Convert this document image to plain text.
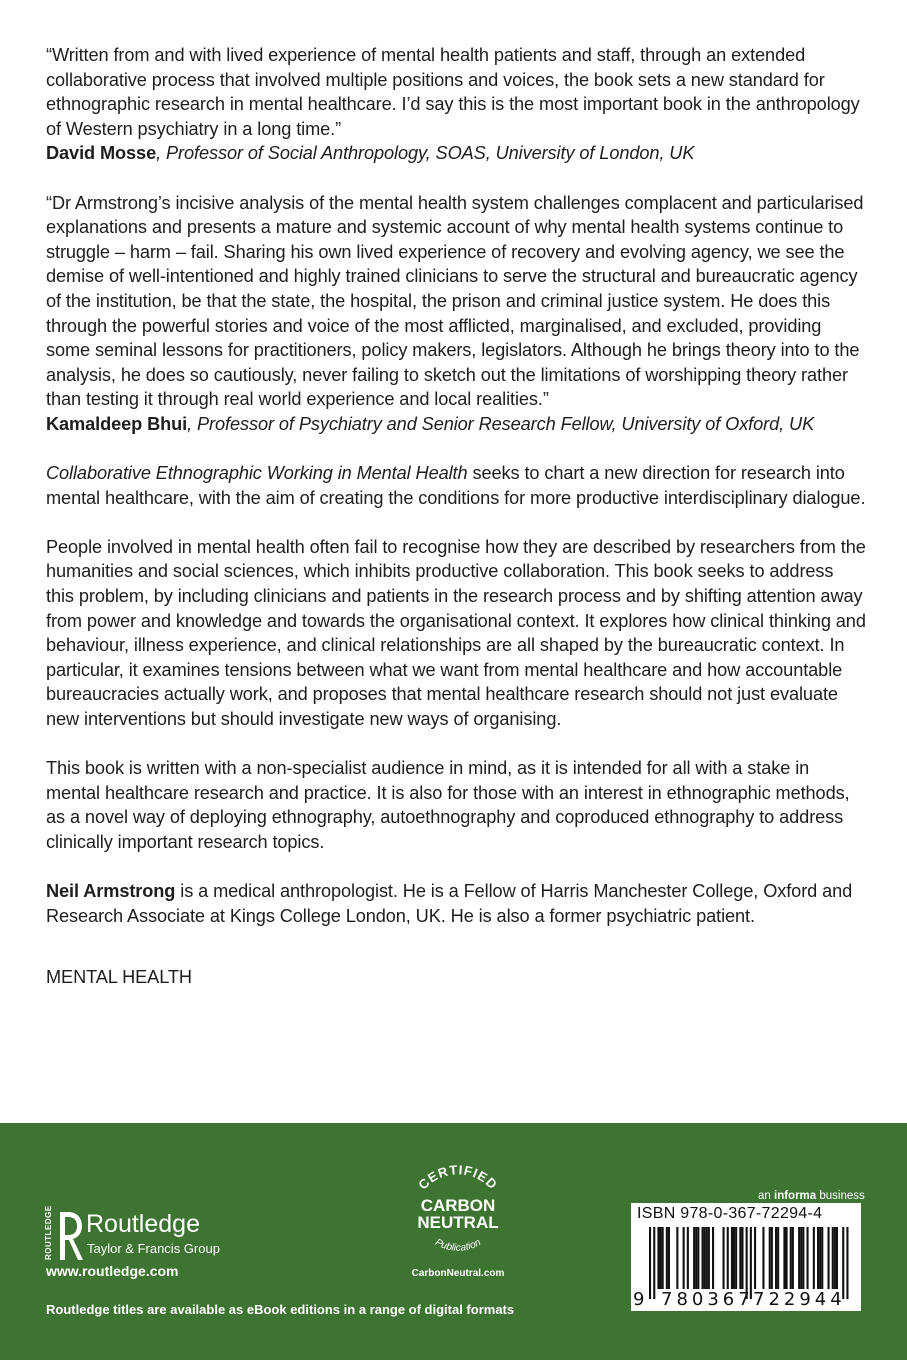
“Written from and with lived experience of mental health patients and staff, through an extended collaborative process that involved multiple positions and voices, the book sets a new standard for ethnographic research in mental healthcare. I’d say this is the most important book in the anthropology of Western psychiatry in a long time.”

David Mosse, Professor of Social Anthropology, SOAS, University of London, UK

“Dr Armstrong’s incisive analysis of the mental health system challenges complacent and particularised explanations and presents a mature and systemic account of why mental health systems continue to struggle – harm – fail. Sharing his own lived experience of recovery and evolving agency, we see the demise of well-intentioned and highly trained clinicians to serve the structural and bureaucratic agency of the institution, be that the state, the hospital, the prison and criminal justice system. He does this through the powerful stories and voice of the most afflicted, marginalised, and excluded, providing some seminal lessons for practitioners, policy makers, legislators. Although he brings theory into to the analysis, he does so cautiously, never failing to sketch out the limitations of worshipping theory rather than testing it through real world experience and local realities.”

Kamaldeep Bhui, Professor of Psychiatry and Senior Research Fellow, University of Oxford, UK

Collaborative Ethnographic Working in Mental Health seeks to chart a new direction for research into mental healthcare, with the aim of creating the conditions for more productive interdisciplinary dialogue.

People involved in mental health often fail to recognise how they are described by researchers from the humanities and social sciences, which inhibits productive collaboration. This book seeks to address this problem, by including clinicians and patients in the research process and by shifting attention away from power and knowledge and towards the organisational context. It explores how clinical thinking and behaviour, illness experience, and clinical relationships are all shaped by the bureaucratic context. In particular, it examines tensions between what we want from mental healthcare and how accountable bureaucracies actually work, and proposes that mental healthcare research should not just evaluate new interventions but should investigate new ways of organising.

This book is written with a non-specialist audience in mind, as it is intended for all with a stake in mental healthcare research and practice. It is also for those with an interest in ethnographic methods, as a novel way of deploying ethnography, autoethnography and coproduced ethnography to address clinically important research topics.

Neil Armstrong is a medical anthropologist. He is a Fellow of Harris Manchester College, Oxford and Research Associate at Kings College London, UK. He is also a former psychiatric patient.

MENTAL HEALTH

ROUTLEDGE Routledge
Taylor & Francis Group
www.routledge.com
Routledge titles are available as eBook editions in a range of digital formats
CERTIFIED
CARBON
NEUTRAL
Publication
CarbonNeutral.com
an informa business
ISBN 978-0-367-72294-4
9 780367 722944
